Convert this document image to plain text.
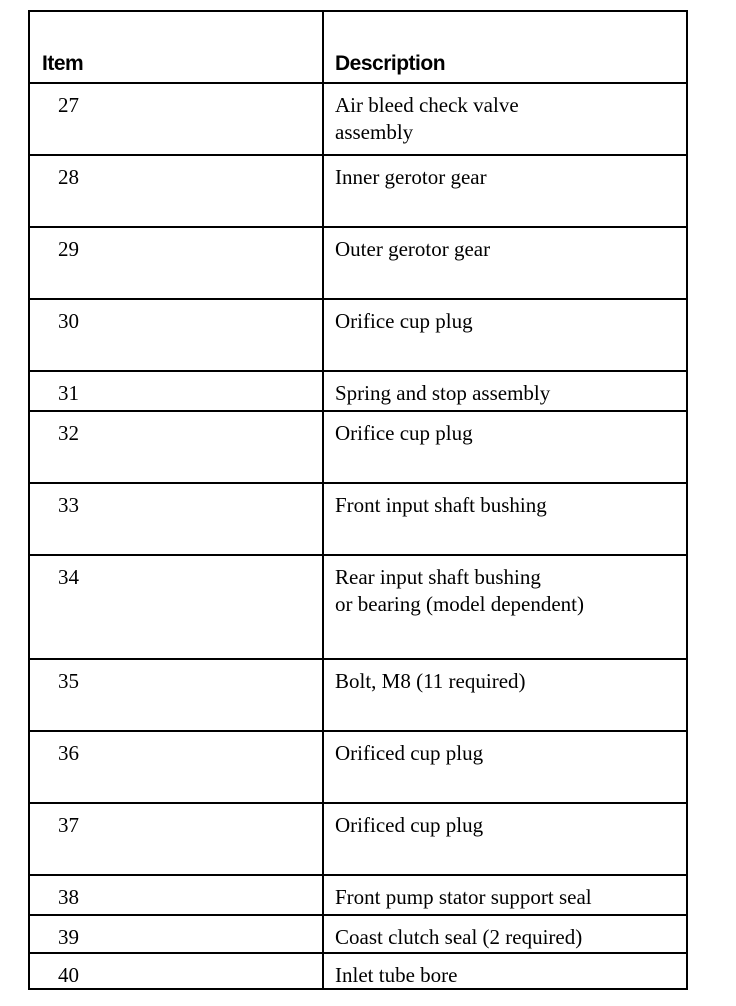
Item	Description
27	Air bleed check valve
assembly
28	Inner gerotor gear
29	Outer gerotor gear
30	Orifice cup plug
31	Spring and stop assembly
32	Orifice cup plug
33	Front input shaft bushing
34	Rear input shaft bushing
or bearing (model dependent)
35	Bolt, M8 (11 required)
36	Orificed cup plug
37	Orificed cup plug
38	Front pump stator support seal
39	Coast clutch seal (2 required)
40	Inlet tube bore
